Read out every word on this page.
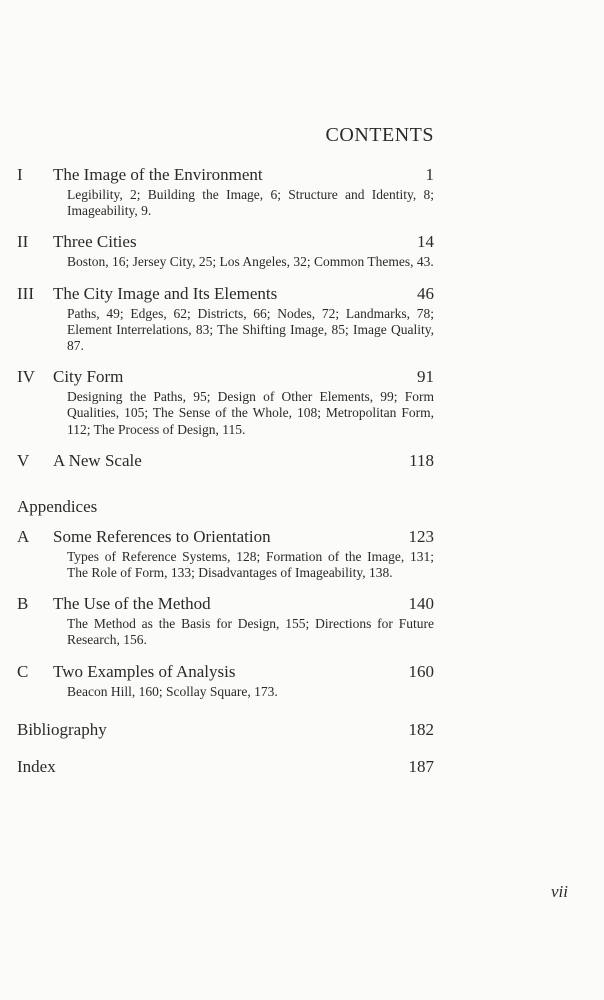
CONTENTS
I	The Image of the Environment	1
Legibility, 2; Building the Image, 6; Structure and Identity, 8; Imageability, 9.
II	Three Cities	14
Boston, 16; Jersey City, 25; Los Angeles, 32; Common Themes, 43.
III	The City Image and Its Elements	46
Paths, 49; Edges, 62; Districts, 66; Nodes, 72; Landmarks, 78; Element Interrelations, 83; The Shifting Image, 85; Image Quality, 87.
IV	City Form	91
Designing the Paths, 95; Design of Other Elements, 99; Form Qualities, 105; The Sense of the Whole, 108; Metropolitan Form, 112; The Process of Design, 115.
V	A New Scale	118
Appendices
A	Some References to Orientation	123
Types of Reference Systems, 128; Formation of the Image, 131; The Role of Form, 133; Disadvantages of Imageability, 138.
B	The Use of the Method	140
The Method as the Basis for Design, 155; Directions for Future Research, 156.
C	Two Examples of Analysis	160
Beacon Hill, 160; Scollay Square, 173.
Bibliography	182
Index	187
vii
